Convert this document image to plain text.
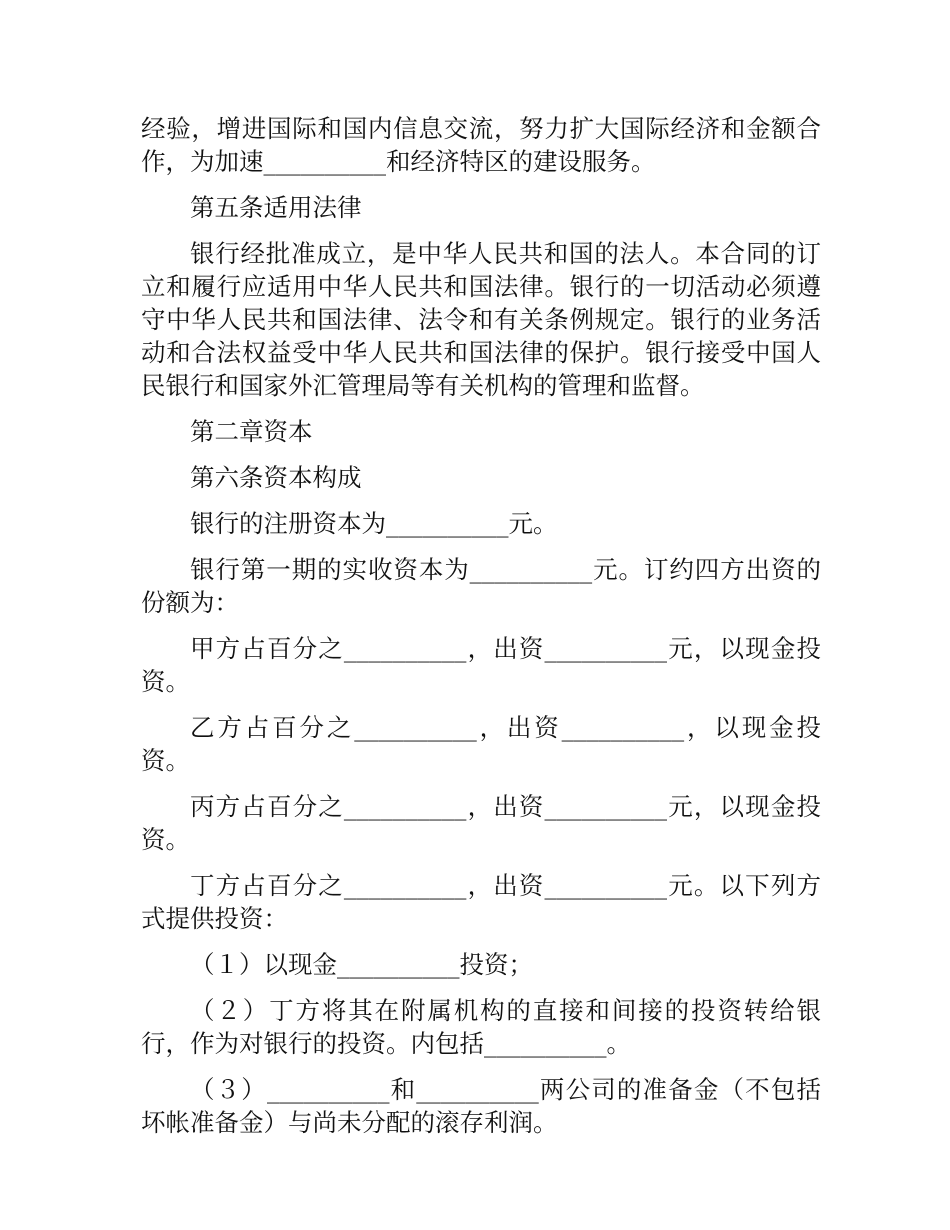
经验，增进国际和国内信息交流，努力扩大国际经济和金额合作，为加速__________和经济特区的建设服务。

第五条适用法律

银行经批准成立，是中华人民共和国的法人。本合同的订立和履行应适用中华人民共和国法律。银行的一切活动必须遵守中华人民共和国法律、法令和有关条例规定。银行的业务活动和合法权益受中华人民共和国法律的保护。银行接受中国人民银行和国家外汇管理局等有关机构的管理和监督。

第二章资本

第六条资本构成

银行的注册资本为__________元。

银行第一期的实收资本为__________元。订约四方出资的份额为：

甲方占百分之__________，出资__________元，以现金投资。

乙方占百分之__________，出资__________，以现金投资。

丙方占百分之__________，出资__________元，以现金投资。

丁方占百分之__________，出资__________元。以下列方式提供投资：

（１）以现金__________投资；

（２）丁方将其在附属机构的直接和间接的投资转给银行，作为对银行的投资。内包括__________。

（３）__________和__________两公司的准备金（不包括坏帐准备金）与尚未分配的滚存利润。
